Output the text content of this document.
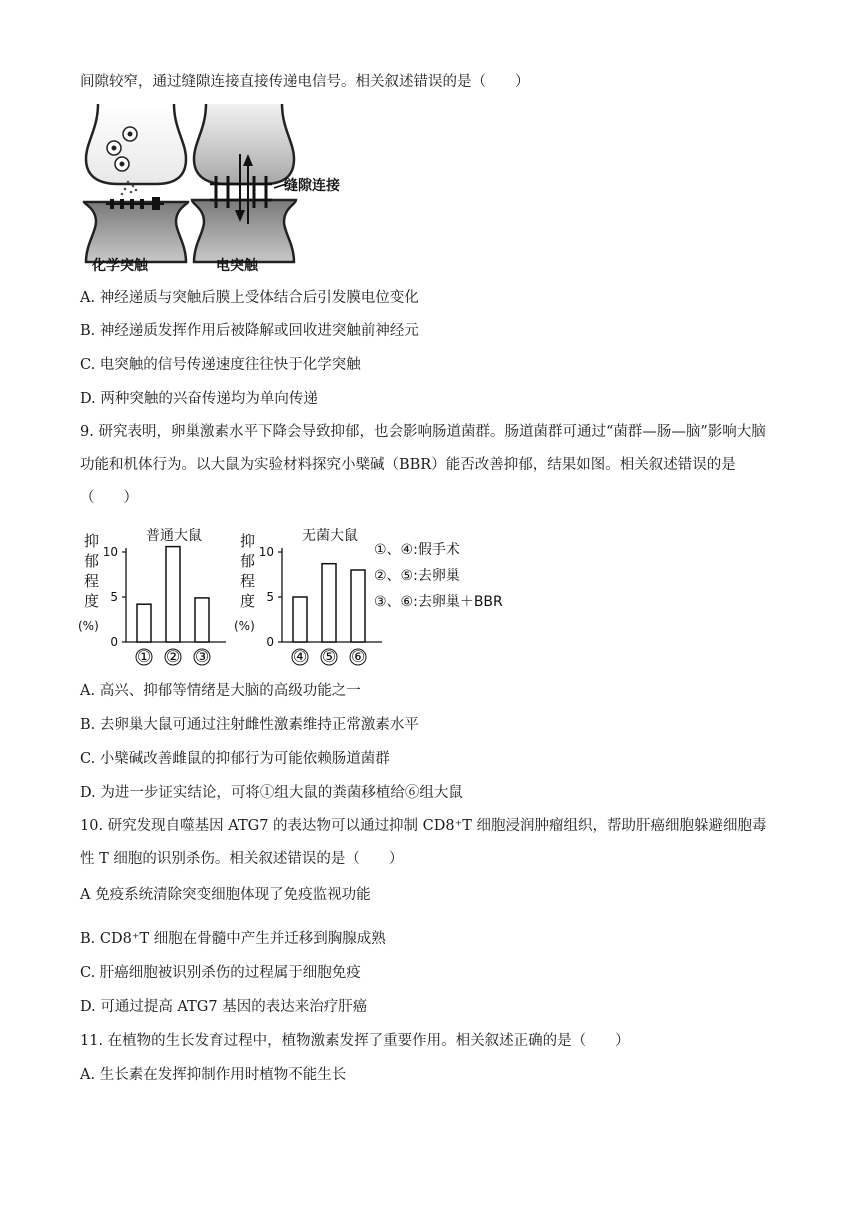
间隙较窄，通过缝隙连接直接传递电信号。相关叙述错误的是（　　）
化学突触
缝隙连接
电突触
A. 神经递质与突触后膜上受体结合后引发膜电位变化
B. 神经递质发挥作用后被降解或回收进突触前神经元
C. 电突触的信号传递速度往往快于化学突触
D. 两种突触的兴奋传递均为单向传递
9. 研究表明，卵巢激素水平下降会导致抑郁，也会影响肠道菌群。肠道菌群可通过“菌群—肠—脑”影响大脑功能和机体行为。以大鼠为实验材料探究小檗碱（BBR）能否改善抑郁，结果如图。相关叙述错误的是（　　）
抑
郁
程
度
(%)
0
5
10
普通大鼠
① ② ③
抑
郁
程
度
(%)
0
5
10
无菌大鼠
④ ⑤ ⑥
①、④:假手术
②、⑤:去卵巢
③、⑥:去卵巢＋BBR
A. 高兴、抑郁等情绪是大脑的高级功能之一
B. 去卵巢大鼠可通过注射雌性激素维持正常激素水平
C. 小檗碱改善雌鼠的抑郁行为可能依赖肠道菌群
D. 为进一步证实结论，可将①组大鼠的粪菌移植给⑥组大鼠
10. 研究发现自噬基因 ATG7 的表达物可以通过抑制 CD8⁺T 细胞浸润肿瘤组织，帮助肝癌细胞躲避细胞毒性 T 细胞的识别杀伤。相关叙述错误的是（　　）
A 免疫系统清除突变细胞体现了免疫监视功能
B. CD8⁺T 细胞在骨髓中产生并迁移到胸腺成熟
C. 肝癌细胞被识别杀伤的过程属于细胞免疫
D. 可通过提高 ATG7 基因的表达来治疗肝癌
11. 在植物的生长发育过程中，植物激素发挥了重要作用。相关叙述正确的是（　　）
A. 生长素在发挥抑制作用时植物不能生长
